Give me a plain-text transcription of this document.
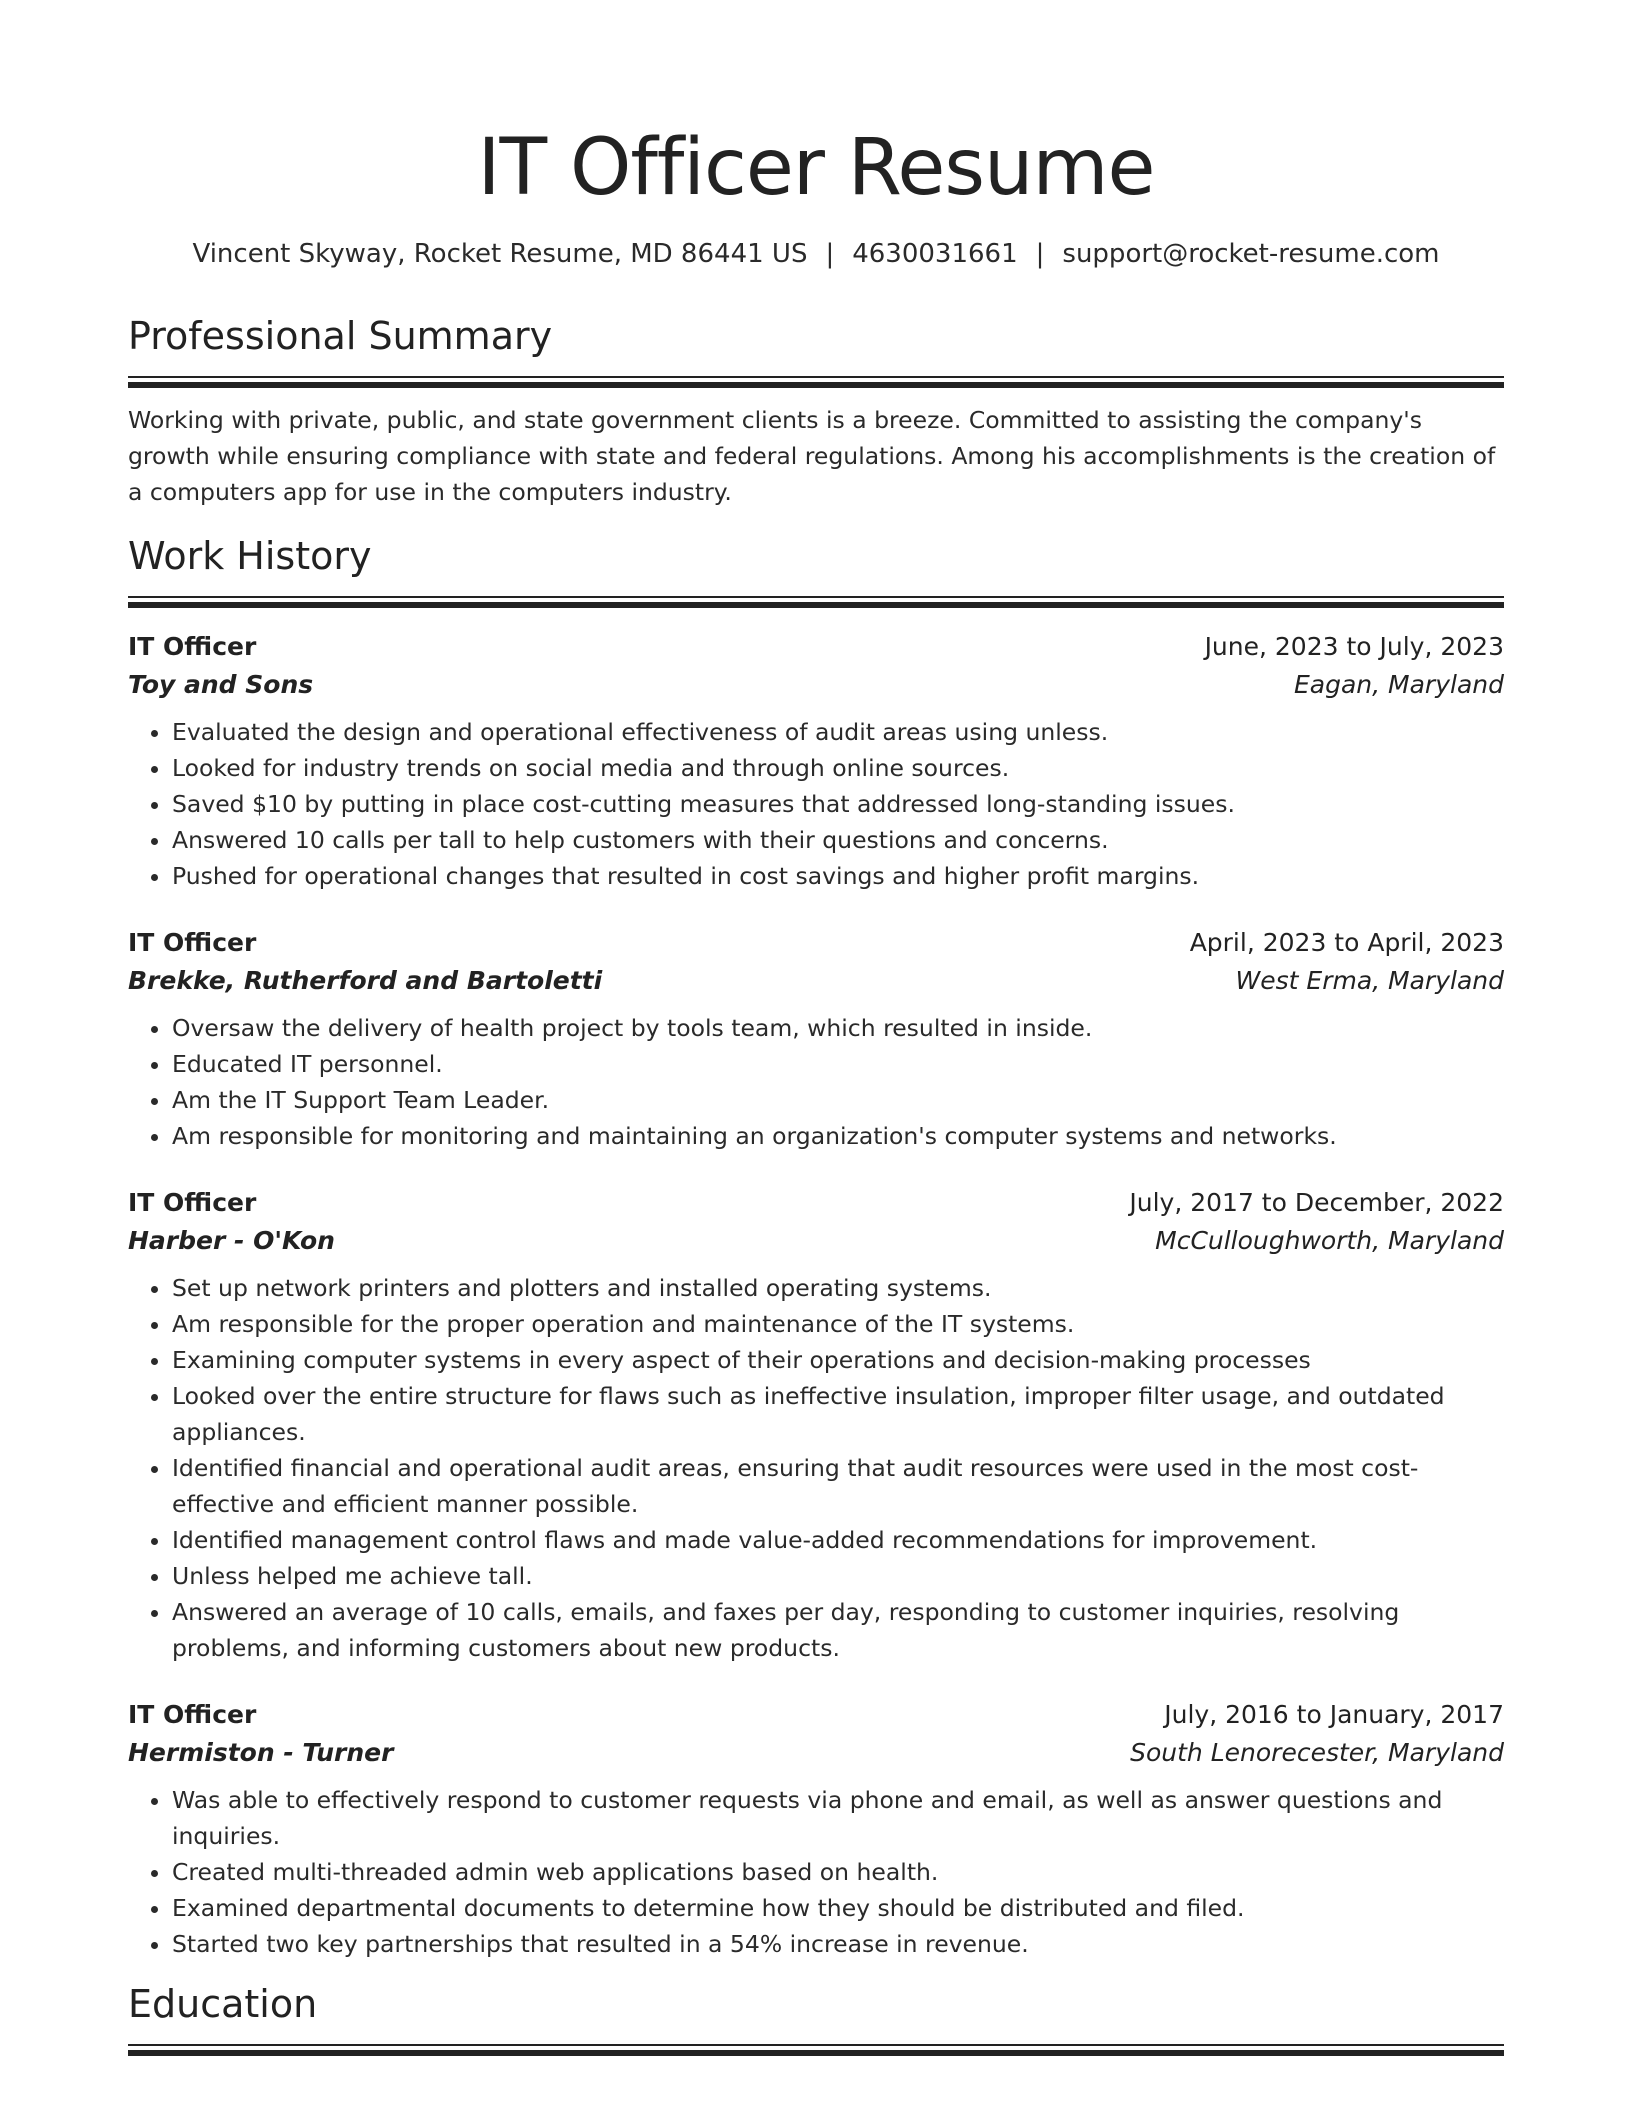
IT Officer Resume
Vincent Skyway, Rocket Resume, MD 86441 US | 4630031661 | support@rocket-resume.com
Professional Summary

Working with private, public, and state government clients is a breeze. Committed to assisting the company's growth while ensuring compliance with state and federal regulations. Among his accomplishments is the creation of a computers app for use in the computers industry.

Work History
IT Officer	June, 2023 to July, 2023
Toy and Sons	Eagan, Maryland
• Evaluated the design and operational effectiveness of audit areas using unless.
• Looked for industry trends on social media and through online sources.
• Saved $10 by putting in place cost-cutting measures that addressed long-standing issues.
• Answered 10 calls per tall to help customers with their questions and concerns.
• Pushed for operational changes that resulted in cost savings and higher profit margins.
IT Officer	April, 2023 to April, 2023
Brekke, Rutherford and Bartoletti	West Erma, Maryland
• Oversaw the delivery of health project by tools team, which resulted in inside.
• Educated IT personnel.
• Am the IT Support Team Leader.
• Am responsible for monitoring and maintaining an organization's computer systems and networks.
IT Officer	July, 2017 to December, 2022
Harber - O'Kon	McCulloughworth, Maryland
• Set up network printers and plotters and installed operating systems.
• Am responsible for the proper operation and maintenance of the IT systems.
• Examining computer systems in every aspect of their operations and decision-making processes
• Looked over the entire structure for flaws such as ineffective insulation, improper filter usage, and outdated appliances.
• Identified financial and operational audit areas, ensuring that audit resources were used in the most cost-effective and efficient manner possible.
• Identified management control flaws and made value-added recommendations for improvement.
• Unless helped me achieve tall.
• Answered an average of 10 calls, emails, and faxes per day, responding to customer inquiries, resolving problems, and informing customers about new products.
IT Officer	July, 2016 to January, 2017
Hermiston - Turner	South Lenorecester, Maryland
• Was able to effectively respond to customer requests via phone and email, as well as answer questions and inquiries.
• Created multi-threaded admin web applications based on health.
• Examined departmental documents to determine how they should be distributed and filed.
• Started two key partnerships that resulted in a 54% increase in revenue.
Education
